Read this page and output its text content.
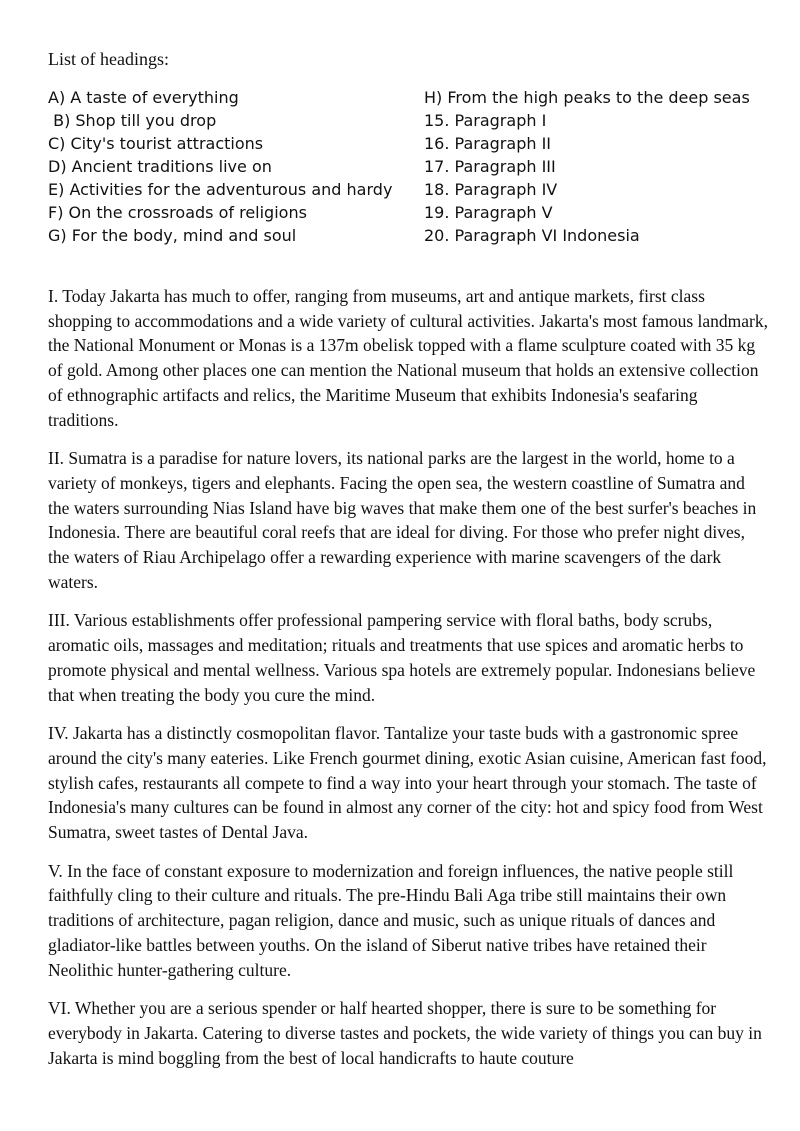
List of headings:
A) A taste of everything
B) Shop till you drop
C) City's tourist attractions
D) Ancient traditions live on
E) Activities for the adventurous and hardy
F) On the crossroads of religions
G) For the body, mind and soul
H) From the high peaks to the deep seas
15. Paragraph I
16. Paragraph II
17. Paragraph III
18. Paragraph IV
19. Paragraph V
20. Paragraph VI Indonesia

I. Today Jakarta has much to offer, ranging from museums, art and antique markets, first class shopping to accommodations and a wide variety of cultural activities. Jakarta's most famous landmark, the National Monument or Monas is a 137m obelisk topped with a flame sculpture coated with 35 kg of gold. Among other places one can mention the National museum that holds an extensive collection of ethnographic artifacts and relics, the Maritime Museum that exhibits Indonesia's seafaring traditions.

II. Sumatra is a paradise for nature lovers, its national parks are the largest in the world, home to a variety of monkeys, tigers and elephants. Facing the open sea, the western coastline of Sumatra and the waters surrounding Nias Island have big waves that make them one of the best surfer's beaches in Indonesia. There are beautiful coral reefs that are ideal for diving. For those who prefer night dives, the waters of Riau Archipelago offer a rewarding experience with marine scavengers of the dark waters.

III. Various establishments offer professional pampering service with floral baths, body scrubs, aromatic oils, massages and meditation; rituals and treatments that use spices and aromatic herbs to promote physical and mental wellness. Various spa hotels are extremely popular. Indonesians believe that when treating the body you cure the mind.

IV. Jakarta has a distinctly cosmopolitan flavor. Tantalize your taste buds with a gastronomic spree around the city's many eateries. Like French gourmet dining, exotic Asian cuisine, American fast food, stylish cafes, restaurants all compete to find a way into your heart through your stomach. The taste of Indonesia's many cultures can be found in almost any corner of the city: hot and spicy food from West Sumatra, sweet tastes of Dental Java.

V. In the face of constant exposure to modernization and foreign influences, the native people still faithfully cling to their culture and rituals. The pre-Hindu Bali Aga tribe still maintains their own traditions of architecture, pagan religion, dance and music, such as unique rituals of dances and gladiator-like battles between youths. On the island of Siberut native tribes have retained their Neolithic hunter-gathering culture.

VI. Whether you are a serious spender or half hearted shopper, there is sure to be something for everybody in Jakarta. Catering to diverse tastes and pockets, the wide variety of things you can buy in Jakarta is mind boggling from the best of local handicrafts to haute couture
